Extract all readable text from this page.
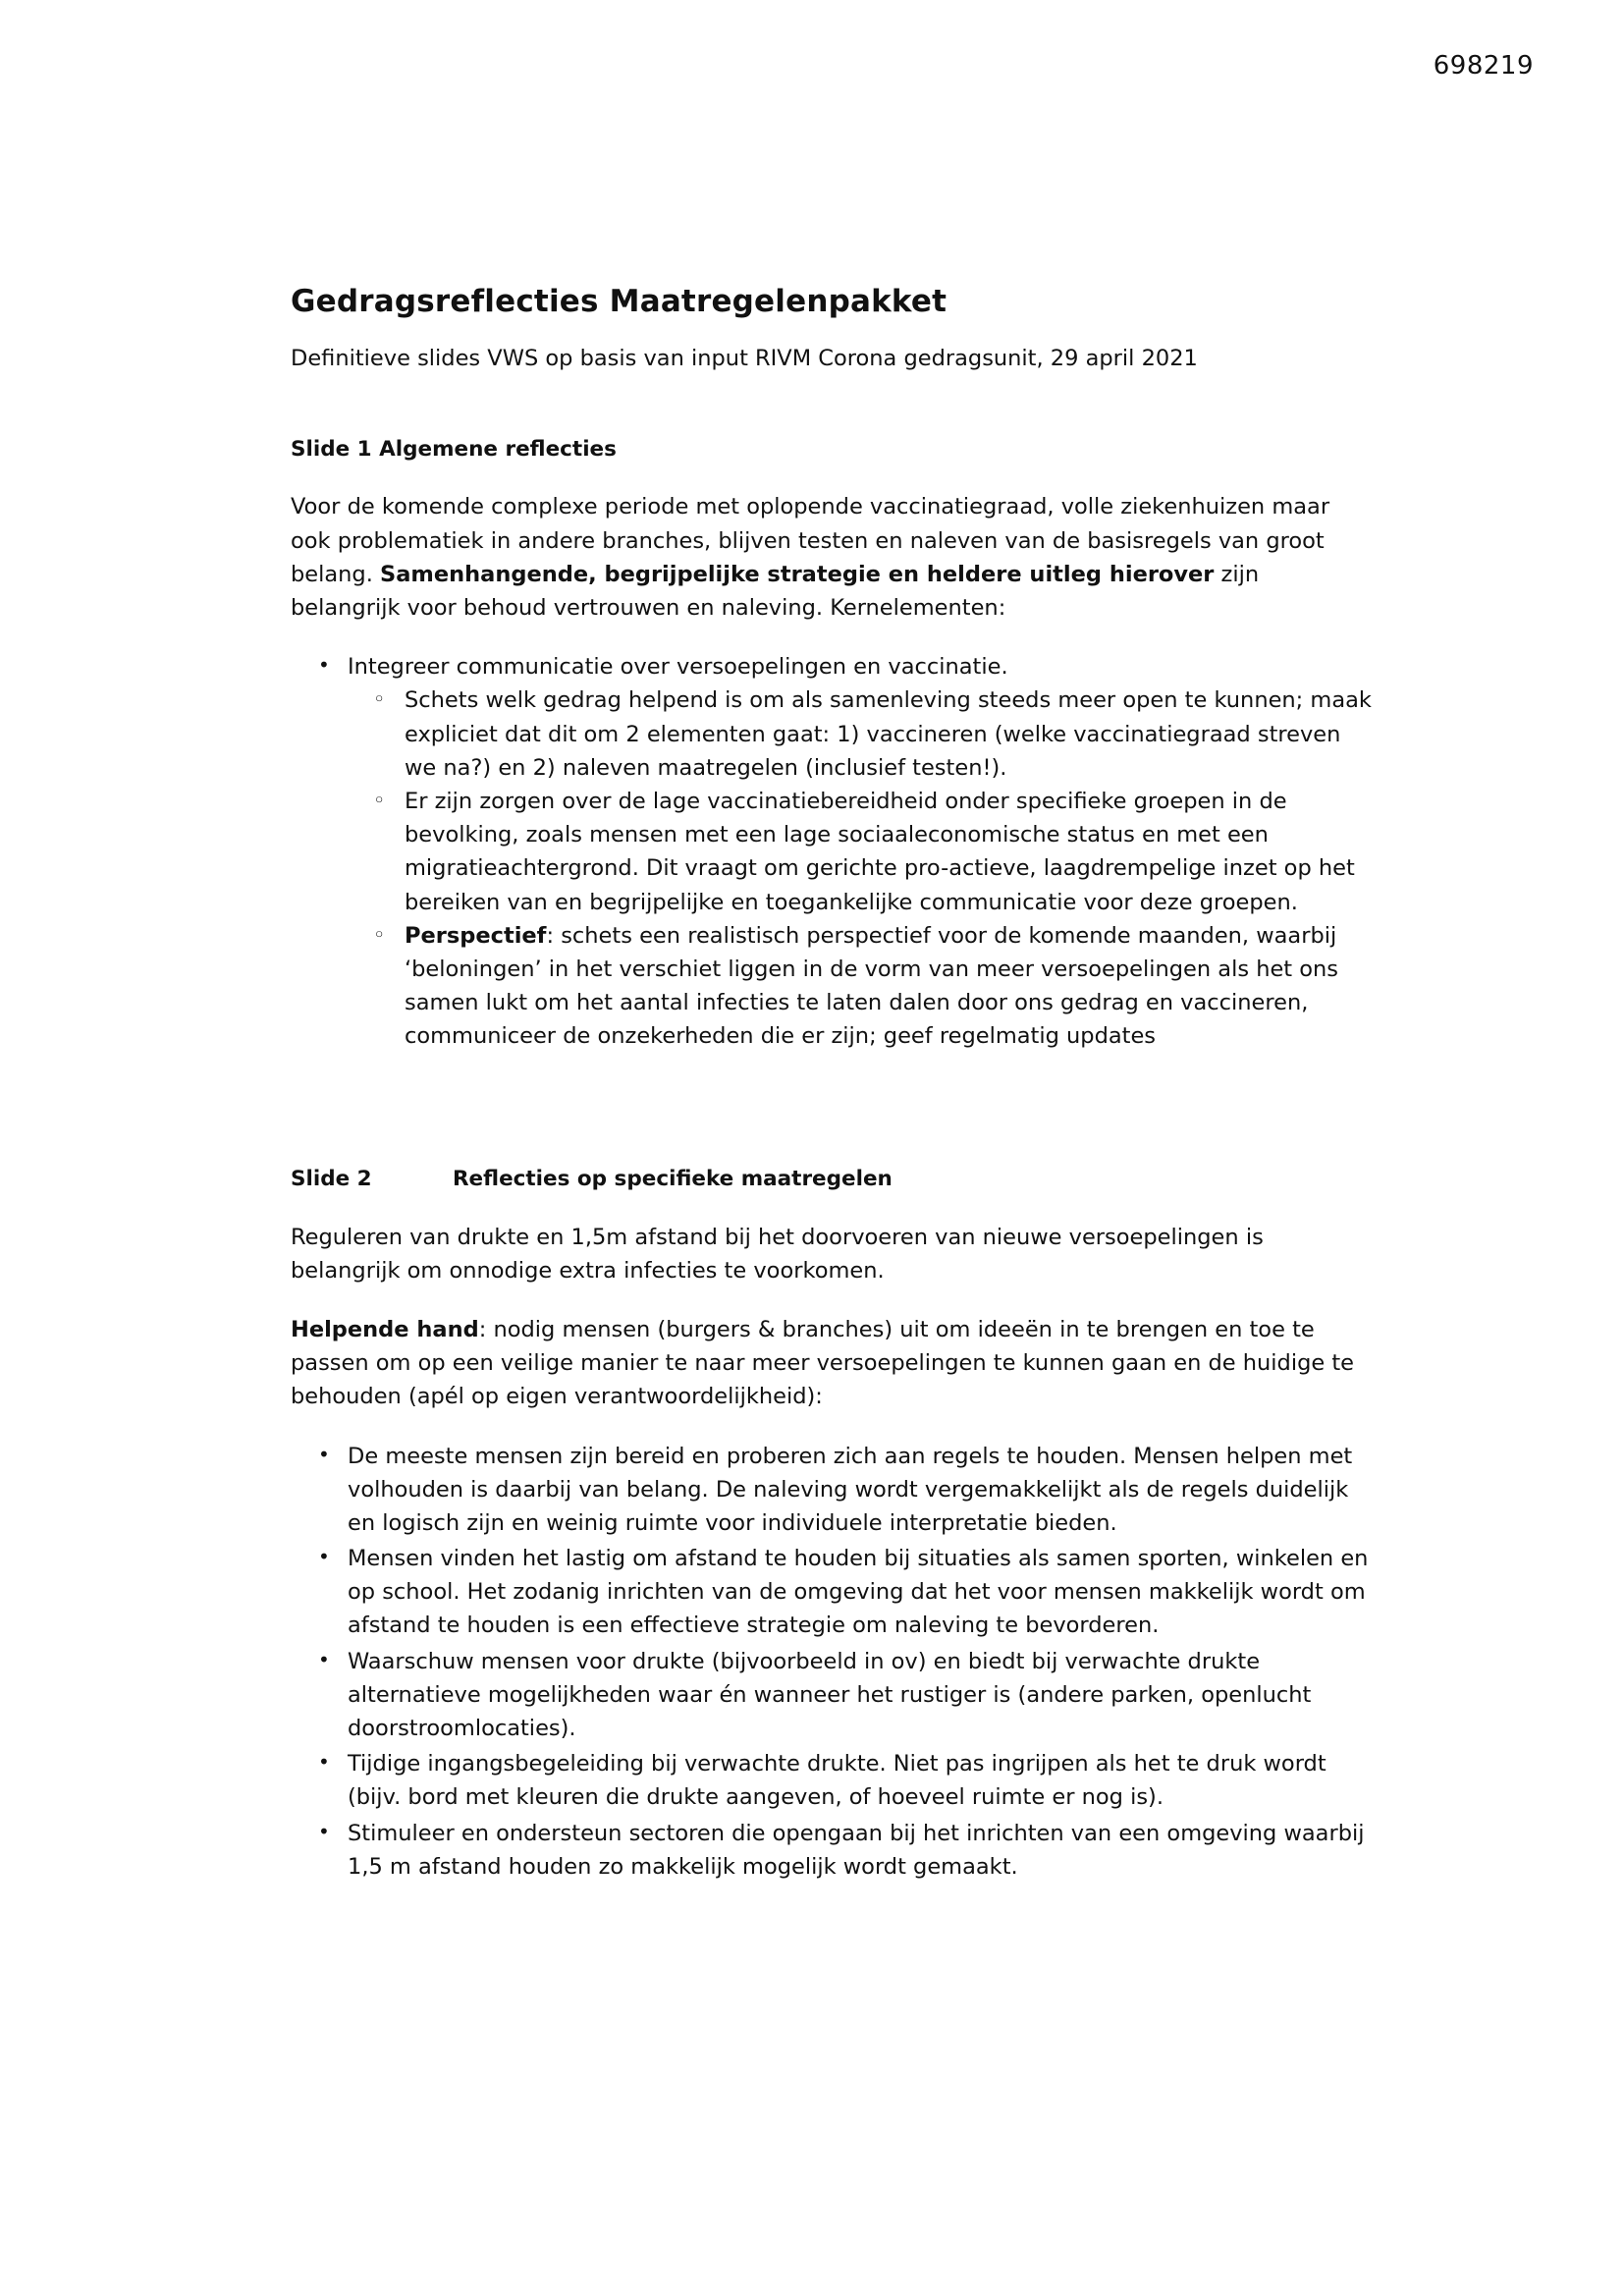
698219
Gedragsreflecties Maatregelenpakket

Definitieve slides VWS op basis van input RIVM Corona gedragsunit, 29 april 2021

Slide 1 Algemene reflecties

Voor de komende complexe periode met oplopende vaccinatiegraad, volle ziekenhuizen maar ook problematiek in andere branches, blijven testen en naleven van de basisregels van groot belang. Samenhangende, begrijpelijke strategie en heldere uitleg hierover zijn belangrijk voor behoud vertrouwen en naleving. Kernelementen:

• Integreer communicatie over versoepelingen en vaccinatie.
◦ Schets welk gedrag helpend is om als samenleving steeds meer open te kunnen; maak expliciet dat dit om 2 elementen gaat: 1) vaccineren (welke vaccinatiegraad streven we na?) en 2) naleven maatregelen (inclusief testen!).
◦ Er zijn zorgen over de lage vaccinatiebereidheid onder specifieke groepen in de bevolking, zoals mensen met een lage sociaaleconomische status en met een migratieachtergrond. Dit vraagt om gerichte pro-actieve, laagdrempelige inzet op het bereiken van en begrijpelijke en toegankelijke communicatie voor deze groepen.
◦ Perspectief: schets een realistisch perspectief voor de komende maanden, waarbij ‘beloningen’ in het verschiet liggen in de vorm van meer versoepelingen als het ons samen lukt om het aantal infecties te laten dalen door ons gedrag en vaccineren, communiceer de onzekerheden die er zijn; geef regelmatig updates
Slide 2	Reflecties op specifieke maatregelen

Reguleren van drukte en 1,5m afstand bij het doorvoeren van nieuwe versoepelingen is belangrijk om onnodige extra infecties te voorkomen.

Helpende hand: nodig mensen (burgers & branches) uit om ideeën in te brengen en toe te passen om op een veilige manier te naar meer versoepelingen te kunnen gaan en de huidige te behouden (apél op eigen verantwoordelijkheid):

• De meeste mensen zijn bereid en proberen zich aan regels te houden. Mensen helpen met volhouden is daarbij van belang. De naleving wordt vergemakkelijkt als de regels duidelijk en logisch zijn en weinig ruimte voor individuele interpretatie bieden.
• Mensen vinden het lastig om afstand te houden bij situaties als samen sporten, winkelen en op school. Het zodanig inrichten van de omgeving dat het voor mensen makkelijk wordt om afstand te houden is een effectieve strategie om naleving te bevorderen.
• Waarschuw mensen voor drukte (bijvoorbeeld in ov) en biedt bij verwachte drukte alternatieve mogelijkheden waar én wanneer het rustiger is (andere parken, openlucht doorstroomlocaties).
• Tijdige ingangsbegeleiding bij verwachte drukte. Niet pas ingrijpen als het te druk wordt (bijv. bord met kleuren die drukte aangeven, of hoeveel ruimte er nog is).
• Stimuleer en ondersteun sectoren die opengaan bij het inrichten van een omgeving waarbij 1,5 m afstand houden zo makkelijk mogelijk wordt gemaakt.
